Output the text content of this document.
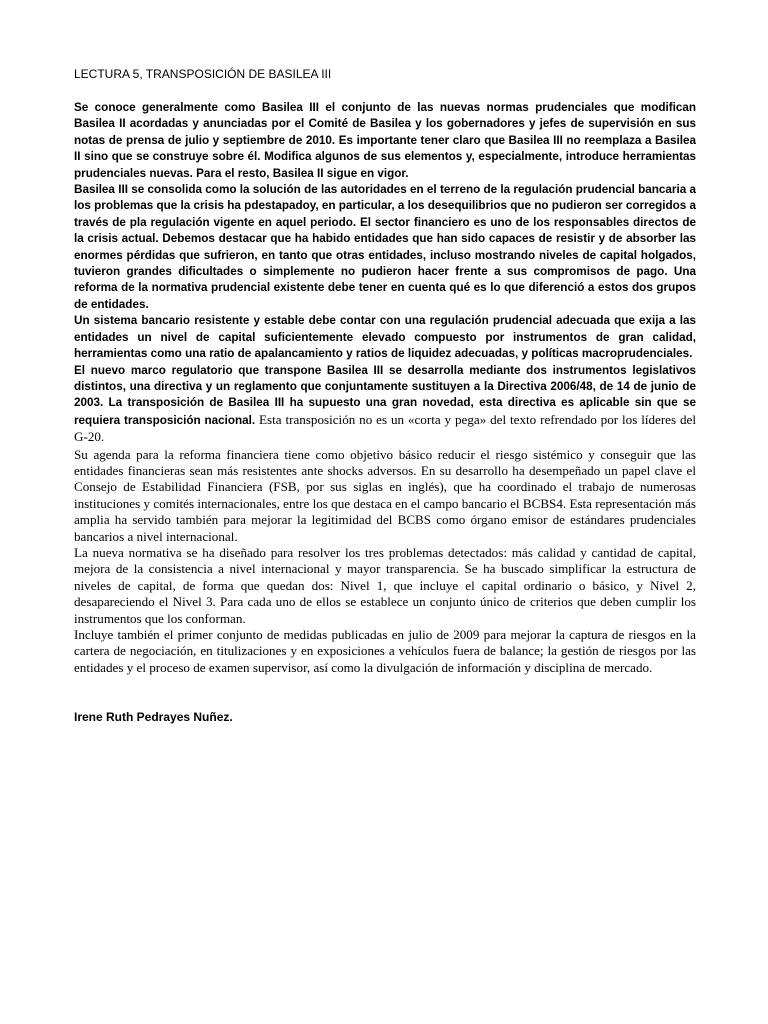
LECTURA 5, TRANSPOSICIÓN DE BASILEA III

Se conoce generalmente como Basilea III el conjunto de las nuevas normas prudenciales que modifican Basilea II acordadas y anunciadas por el Comité de Basilea y los gobernadores y jefes de supervisión en sus notas de prensa de julio y septiembre de 2010. Es importante tener claro que Basilea III no reemplaza a Basilea II sino que se construye sobre él. Modifica algunos de sus elementos y, especialmente, introduce herramientas prudenciales nuevas. Para el resto, Basilea II sigue en vigor.

Basilea III se consolida como la solución de las autoridades en el terreno de la regulación prudencial bancaria a los problemas que la crisis ha pdestapadoy, en particular, a los desequilibrios que no pudieron ser corregidos a través de pla regulación vigente en aquel periodo. El sector financiero es uno de los responsables directos de la crisis actual. Debemos destacar que ha habido entidades que han sido capaces de resistir y de absorber las enormes pérdidas que sufrieron, en tanto que otras entidades, incluso mostrando niveles de capital holgados, tuvieron grandes dificultades o simplemente no pudieron hacer frente a sus compromisos de pago. Una reforma de la normativa prudencial existente debe tener en cuenta qué es lo que diferenció a estos dos grupos de entidades.

Un sistema bancario resistente y estable debe contar con una regulación prudencial adecuada que exija a las entidades un nivel de capital suficientemente elevado compuesto por instrumentos de gran calidad, herramientas como una ratio de apalancamiento y ratios de liquidez adecuadas, y políticas macroprudenciales.

El nuevo marco regulatorio que transpone Basilea III se desarrolla mediante dos instrumentos legislativos distintos, una directiva y un reglamento que conjuntamente sustituyen a la Directiva 2006/48, de 14 de junio de 2003. La transposición de Basilea III ha supuesto una gran novedad, esta directiva es aplicable sin que se requiera transposición nacional. Esta transposición no es un «corta y pega» del texto refrendado por los líderes del G-20.

Su agenda para la reforma financiera tiene como objetivo básico reducir el riesgo sistémico y conseguir que las entidades financieras sean más resistentes ante shocks adversos. En su desarrollo ha desempeñado un papel clave el Consejo de Estabilidad Financiera (FSB, por sus siglas en inglés), que ha coordinado el trabajo de numerosas instituciones y comités internacionales, entre los que destaca en el campo bancario el BCBS4. Esta representación más amplia ha servido también para mejorar la legitimidad del BCBS como órgano emisor de estándares prudenciales bancarios a nivel internacional.

La nueva normativa se ha diseñado para resolver los tres problemas detectados: más calidad y cantidad de capital, mejora de la consistencia a nivel internacional y mayor transparencia. Se ha buscado simplificar la estructura de niveles de capital, de forma que quedan dos: Nivel 1, que incluye el capital ordinario o básico, y Nivel 2, desapareciendo el Nivel 3. Para cada uno de ellos se establece un conjunto único de criterios que deben cumplir los instrumentos que los conforman.

Incluye también el primer conjunto de medidas publicadas en julio de 2009 para mejorar la captura de riesgos en la cartera de negociación, en titulizaciones y en exposiciones a vehículos fuera de balance; la gestión de riesgos por las entidades y el proceso de examen supervisor, así como la divulgación de información y disciplina de mercado.

Irene Ruth Pedrayes Nuñez.
